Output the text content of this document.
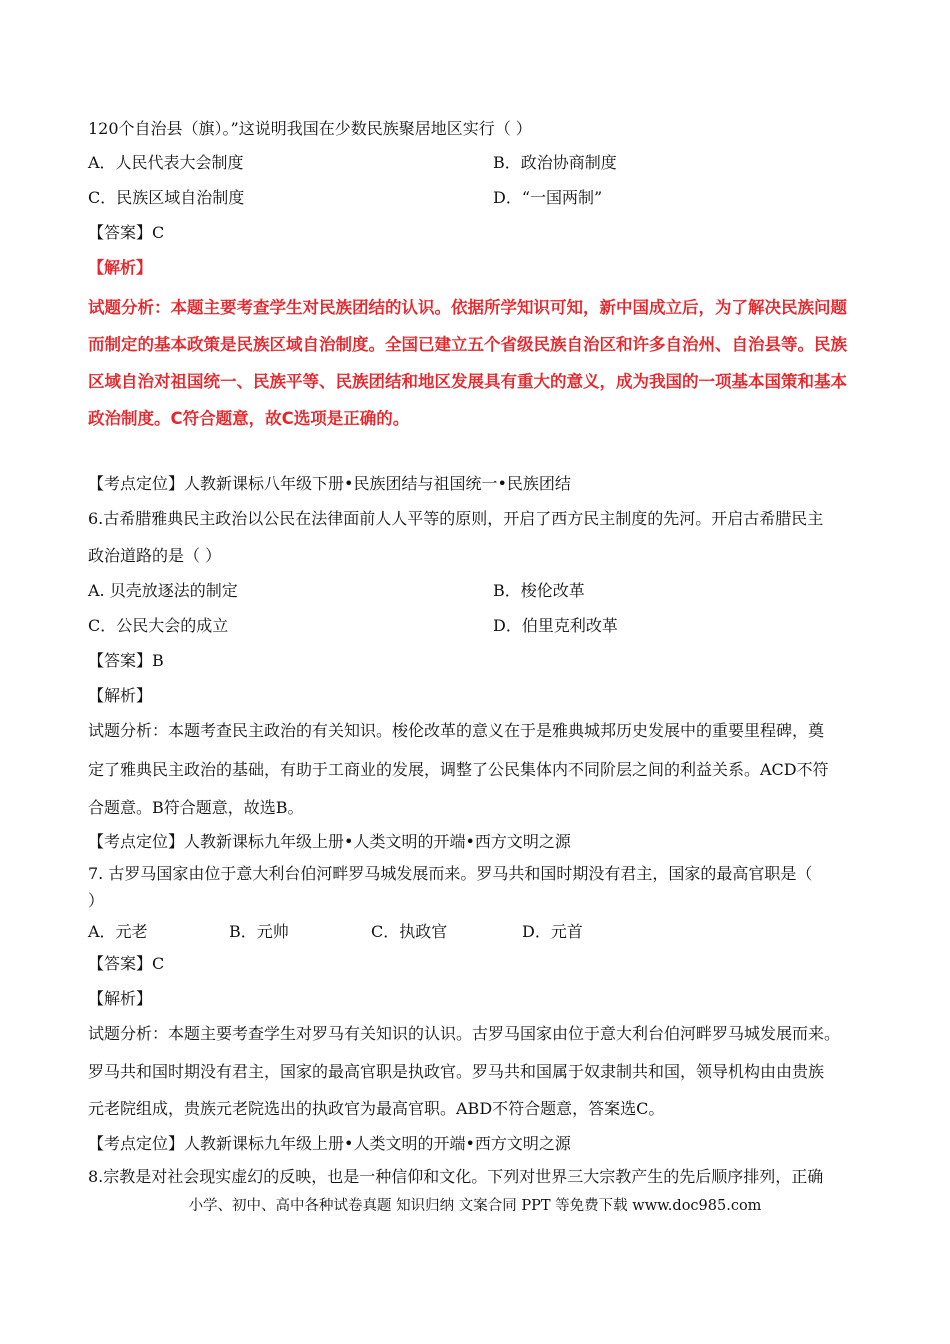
120个自治县（旗）。”这说明我国在少数民族聚居地区实行（ ）
A．人民代表大会制度	B．政治协商制度
C．民族区域自治制度	D．“一国两制”
【答案】C
【解析】
试题分析：本题主要考查学生对民族团结的认识。依据所学知识可知，新中国成立后，为了解决民族问题
而制定的基本政策是民族区域自治制度。全国已建立五个省级民族自治区和许多自治州、自治县等。民族
区域自治对祖国统一、民族平等、民族团结和地区发展具有重大的意义，成为我国的一项基本国策和基本
政治制度。C符合题意，故C选项是正确的。
【考点定位】人教新课标八年级下册•民族团结与祖国统一•民族团结
6.古希腊雅典民主政治以公民在法律面前人人平等的原则，开启了西方民主制度的先河。开启古希腊民主
政治道路的是（ ）
A. 贝壳放逐法的制定	B．梭伦改革
C．公民大会的成立	D．伯里克利改革
【答案】B
【解析】
试题分析：本题考查民主政治的有关知识。梭伦改革的意义在于是雅典城邦历史发展中的重要里程碑，奠
定了雅典民主政治的基础，有助于工商业的发展，调整了公民集体内不同阶层之间的利益关系。ACD不符
合题意。B符合题意，故选B。
【考点定位】人教新课标九年级上册•人类文明的开端•西方文明之源
7. 古罗马国家由位于意大利台伯河畔罗马城发展而来。罗马共和国时期没有君主，国家的最高官职是（
）
A．元老	B．元帅	C．执政官	D．元首
【答案】C
【解析】
试题分析：本题主要考查学生对罗马有关知识的认识。古罗马国家由位于意大利台伯河畔罗马城发展而来。
罗马共和国时期没有君主，国家的最高官职是执政官。罗马共和国属于奴隶制共和国，领导机构由由贵族
元老院组成，贵族元老院选出的执政官为最高官职。ABD不符合题意，答案选C。
【考点定位】人教新课标九年级上册•人类文明的开端•西方文明之源
8.宗教是对社会现实虚幻的反映，也是一种信仰和文化。下列对世界三大宗教产生的先后顺序排列，正确
小学、初中、高中各种试卷真题 知识归纳 文案合同 PPT 等免费下载 www.doc985.com
